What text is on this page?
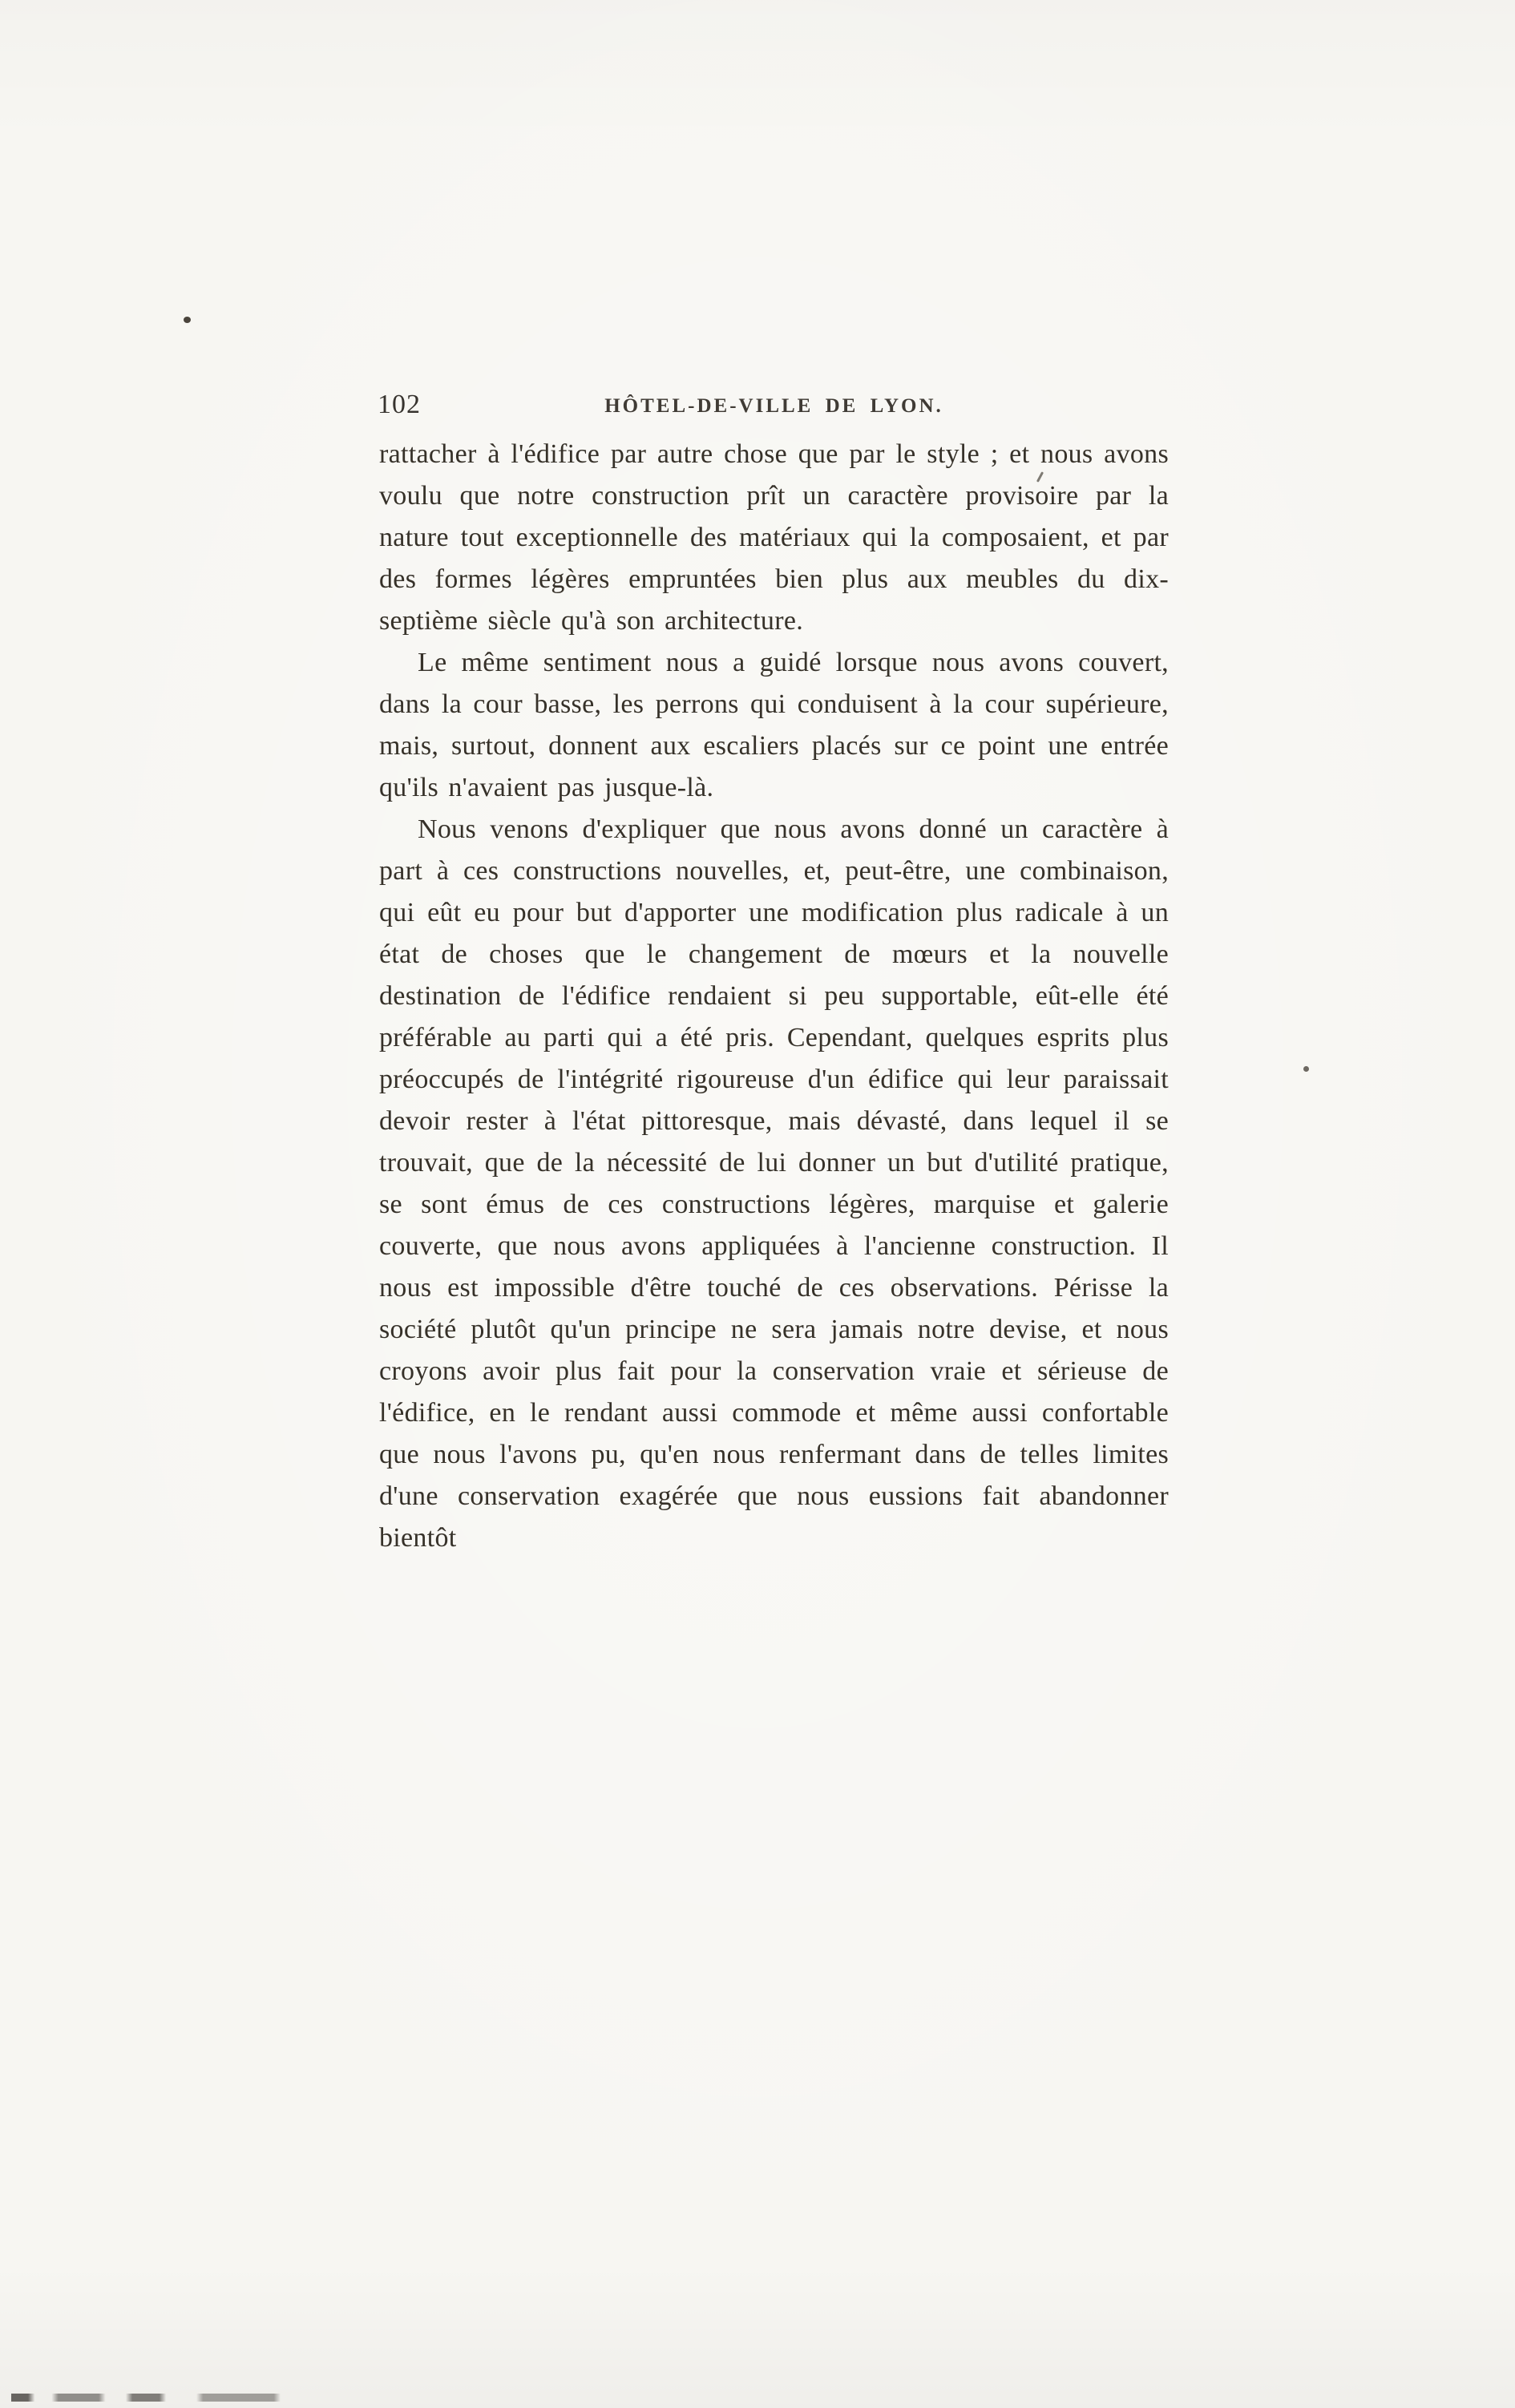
102	HÔTEL-DE-VILLE DE LYON.

rattacher à l'édifice par autre chose que par le style ; et nous avons voulu que notre construction prît un caractère provisoire par la nature tout exceptionnelle des matériaux qui la composaient, et par des formes légères empruntées bien plus aux meubles du dix-septième siècle qu'à son architecture.

Le même sentiment nous a guidé lorsque nous avons couvert, dans la cour basse, les perrons qui conduisent à la cour supérieure, mais, surtout, donnent aux escaliers placés sur ce point une entrée qu'ils n'avaient pas jusque-là.

Nous venons d'expliquer que nous avons donné un caractère à part à ces constructions nouvelles, et, peut-être, une combinaison, qui eût eu pour but d'apporter une modification plus radicale à un état de choses que le changement de mœurs et la nouvelle destination de l'édifice rendaient si peu supportable, eût-elle été préférable au parti qui a été pris. Cependant, quelques esprits plus préoccupés de l'intégrité rigoureuse d'un édifice qui leur paraissait devoir rester à l'état pittoresque, mais dévasté, dans lequel il se trouvait, que de la nécessité de lui donner un but d'utilité pratique, se sont émus de ces constructions légères, marquise et galerie couverte, que nous avons appliquées à l'ancienne construction. Il nous est impossible d'être touché de ces observations. Périsse la société plutôt qu'un principe ne sera jamais notre devise, et nous croyons avoir plus fait pour la conservation vraie et sérieuse de l'édifice, en le rendant aussi commode et même aussi confortable que nous l'avons pu, qu'en nous renfermant dans de telles limites d'une conservation exagérée que nous eussions fait abandonner bientôt
